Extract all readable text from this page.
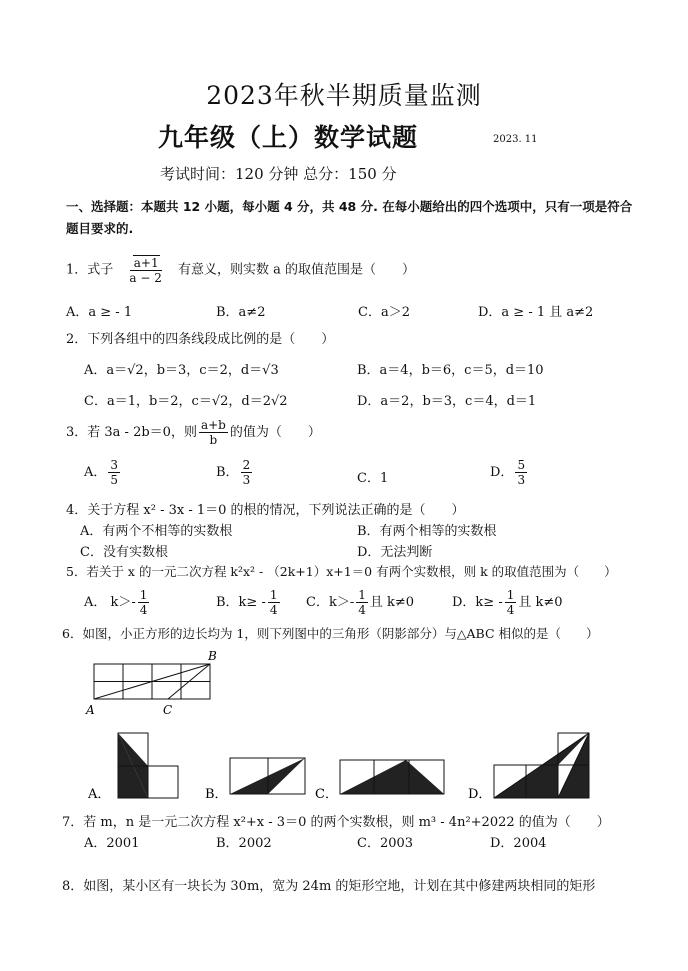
2023年秋半期质量监测
九年级（上）数学试题	2023. 11
考试时间：120 分钟 总分：150 分
一、选择题：本题共 12 小题，每小题 4 分，共 48 分. 在每小题给出的四个选项中，只有一项是符合题目要求的.
1．式子 $\frac{a+1}{a - 2}$ 有意义，则实数 a 的取值范围是（　　）
A．a ≥ - 1	B．a≠2	C．a＞2	D．a ≥ - 1 且 a≠2
2．下列各组中的四条线段成比例的是（　　）
A．a＝√2，b＝3，c＝2，d＝√3	B．a＝4，b＝6，c＝5，d＝10
C．a＝1，b＝2，c＝√2，d＝2√2	D．a＝2，b＝3，c＝4，d＝1
3．若 3a - 2b＝0，则 $\frac{a+b}{b}$ 的值为（　　）
A． $\frac{3}{5}$	B． $\frac{2}{3}$	C．1	D． $\frac{5}{3}$
4．关于方程 x² - 3x - 1＝0 的根的情况，下列说法正确的是（　　）
A．有两个不相等的实数根	B．有两个相等的实数根
C．没有实数根	D．无法判断
5．若关于 x 的一元二次方程 k²x² - （2k+1）x+1＝0 有两个实数根，则 k 的取值范围为（　　）
A． $k>- \frac{1}{4}$	B．$k\ge - \frac{1}{4}$ C．$k>- \frac{1}{4}$ 且 k≠0	D．$k\ge - \frac{1}{4}$ 且 k≠0
6．如图，小正方形的边长均为 1，则下列图中的三角形（阴影部分）与△ABC 相似的是（　　）
A
B
C
A．	B．	C．	D．
7．若 m，n 是一元二次方程 x²+x - 3＝0 的两个实数根，则 m³ - 4n²+2022 的值为（　　）
A．2001	B．2002	C．2003	D．2004
8．如图，某小区有一块长为 30m，宽为 24m 的矩形空地，计划在其中修建两块相同的矩形
